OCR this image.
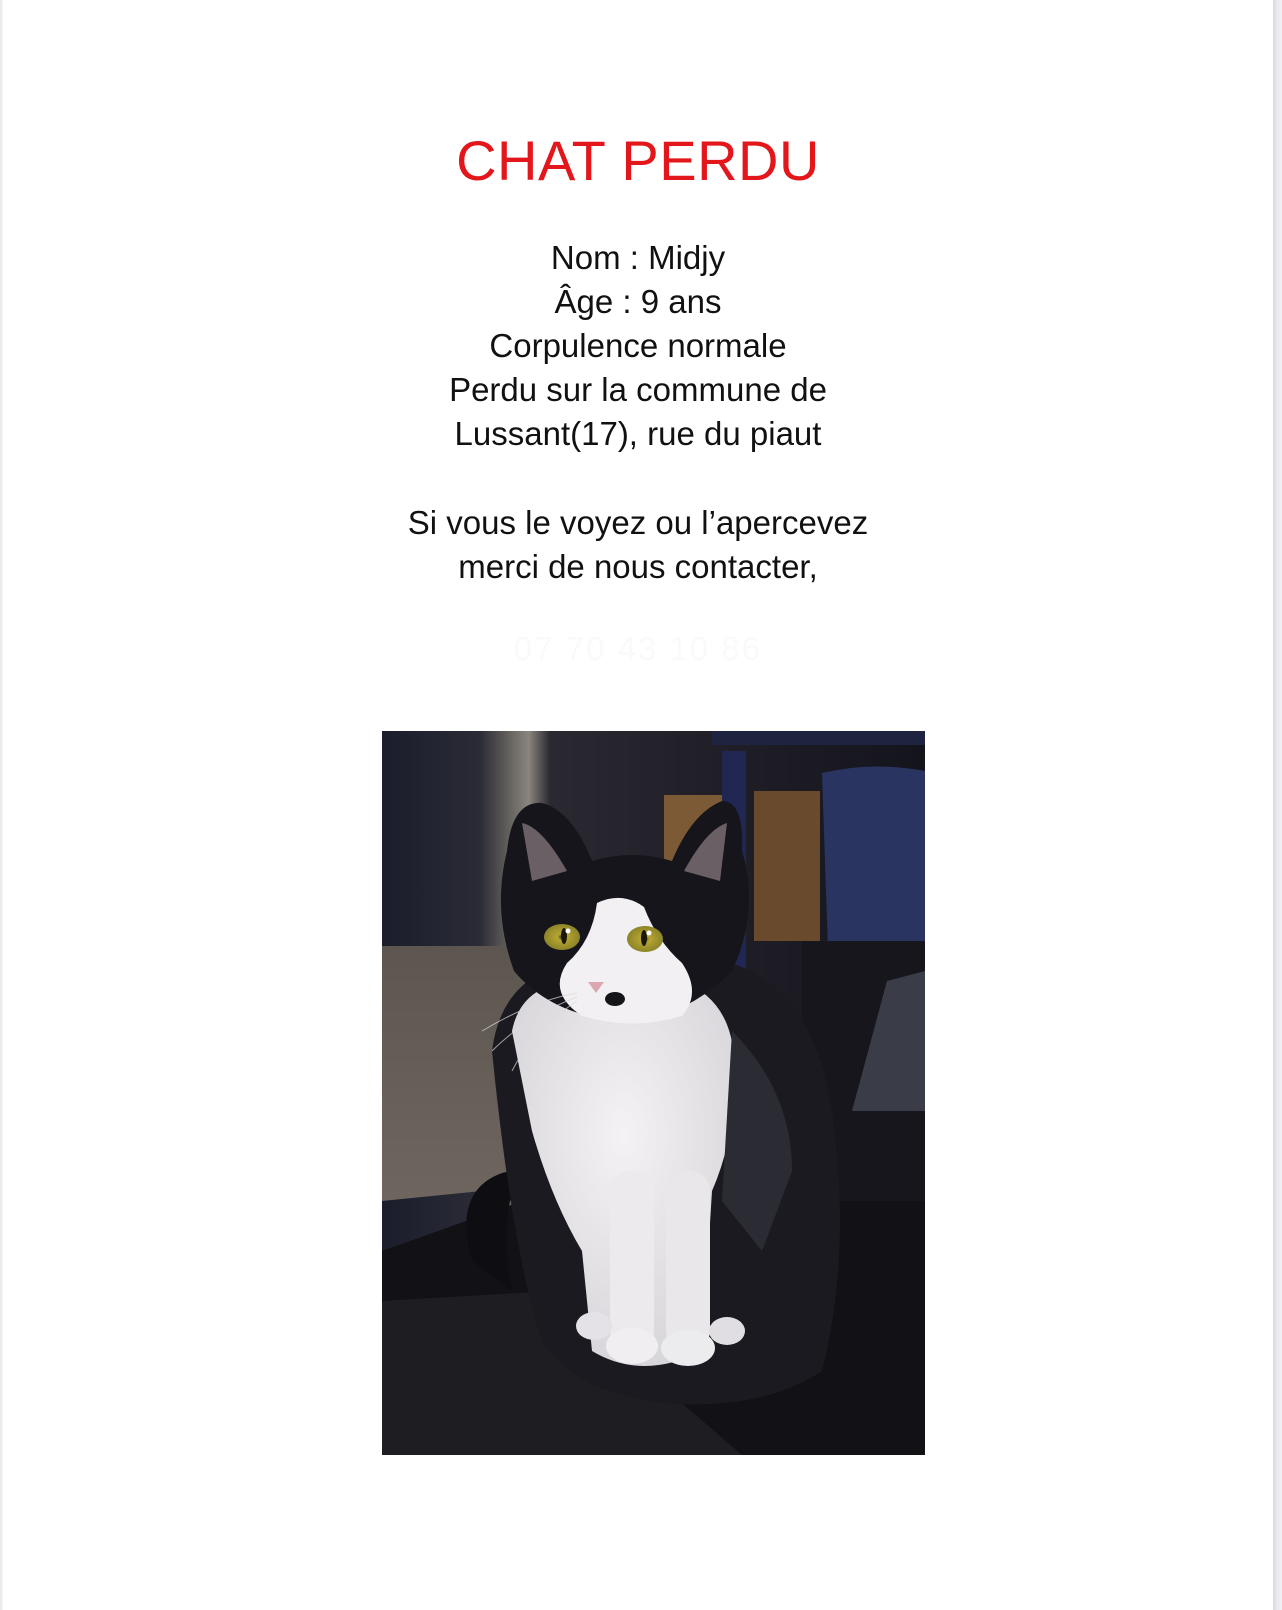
CHAT PERDU
Nom : Midjy
Âge : 9 ans
Corpulence normale
Perdu sur la commune de
Lussant(17), rue du piaut
Si vous le voyez ou l’apercevez
merci de nous contacter,
07 70 43 10 86
